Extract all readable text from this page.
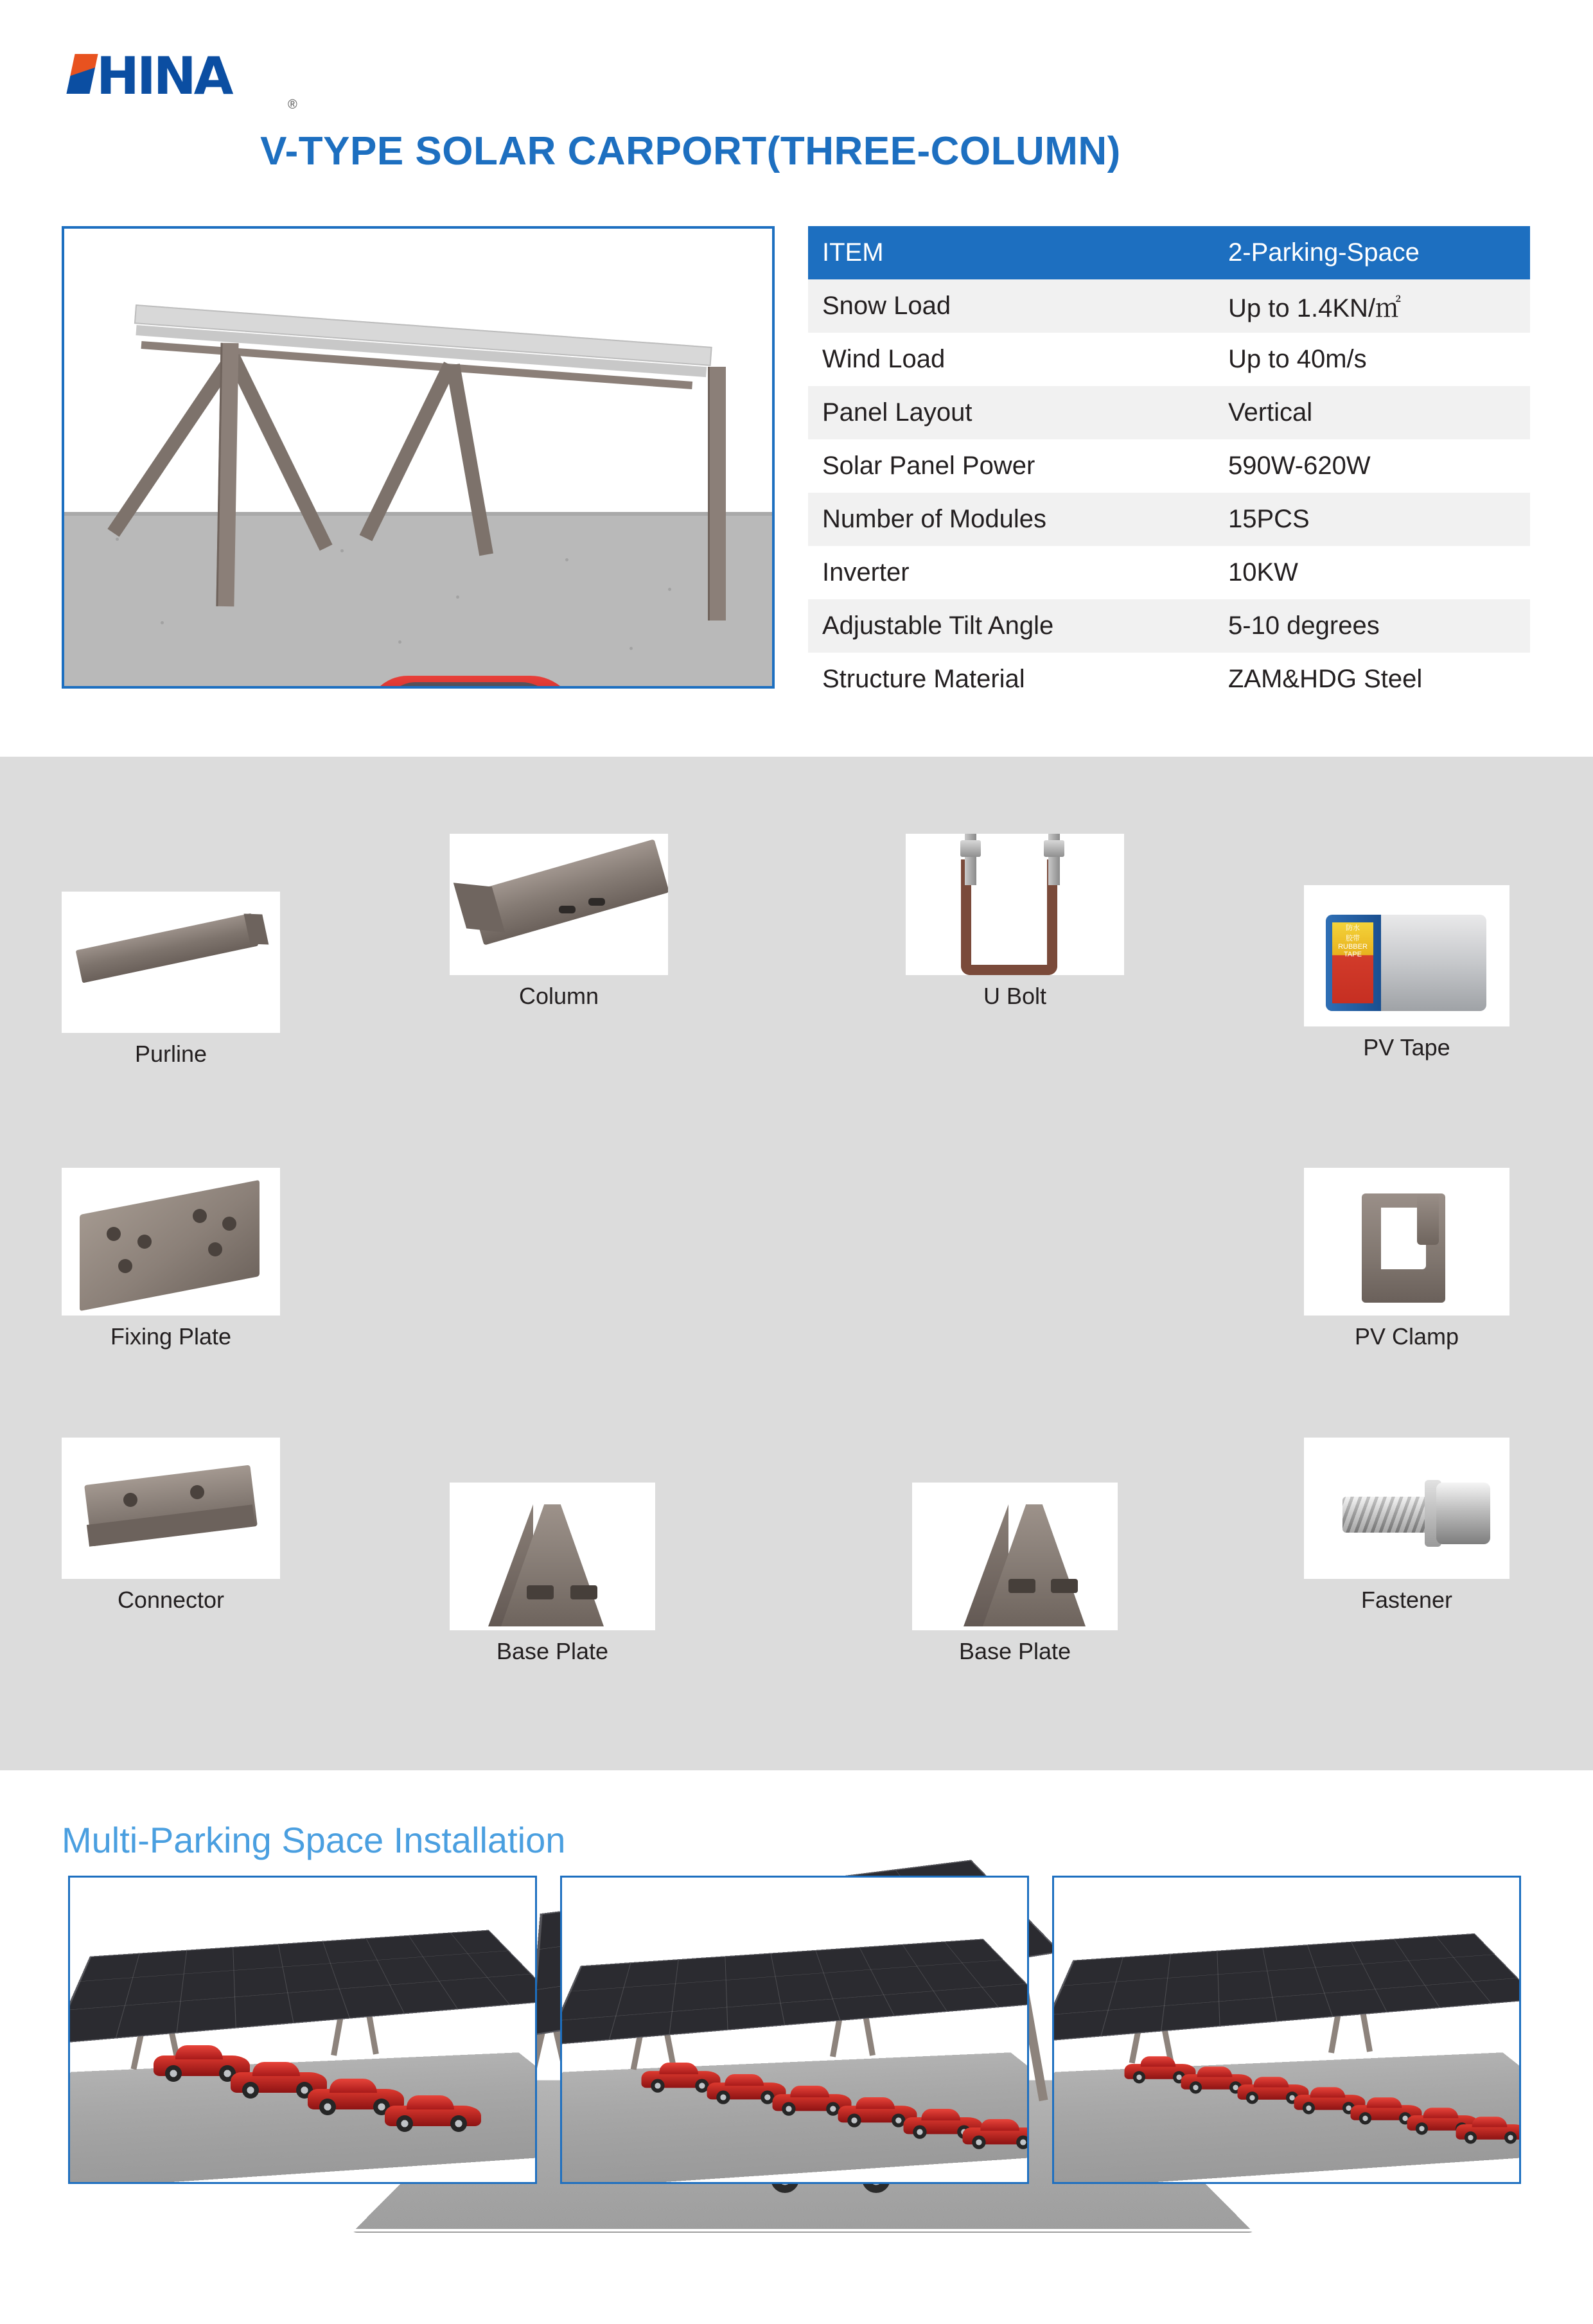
HINA	®
V-TYPE SOLAR CARPORT(THREE-COLUMN)
ITEM	2-Parking-Space
Snow Load	Up to 1.4KN/㎡
Wind Load	Up to 40m/s
Panel Layout	Vertical
Solar Panel Power	590W-620W
Number of Modules	15PCS
Inverter	10KW
Adjustable Tilt Angle	5-10 degrees
Structure Material	ZAM&HDG Steel
Purline
Column	U Bolt
防水
胶带
RUBBER TAPE
PV Tape
Fixing Plate	PV Clamp
Connector
Base Plate	Base Plate
Fastener
Multi-Parking Space Installation
